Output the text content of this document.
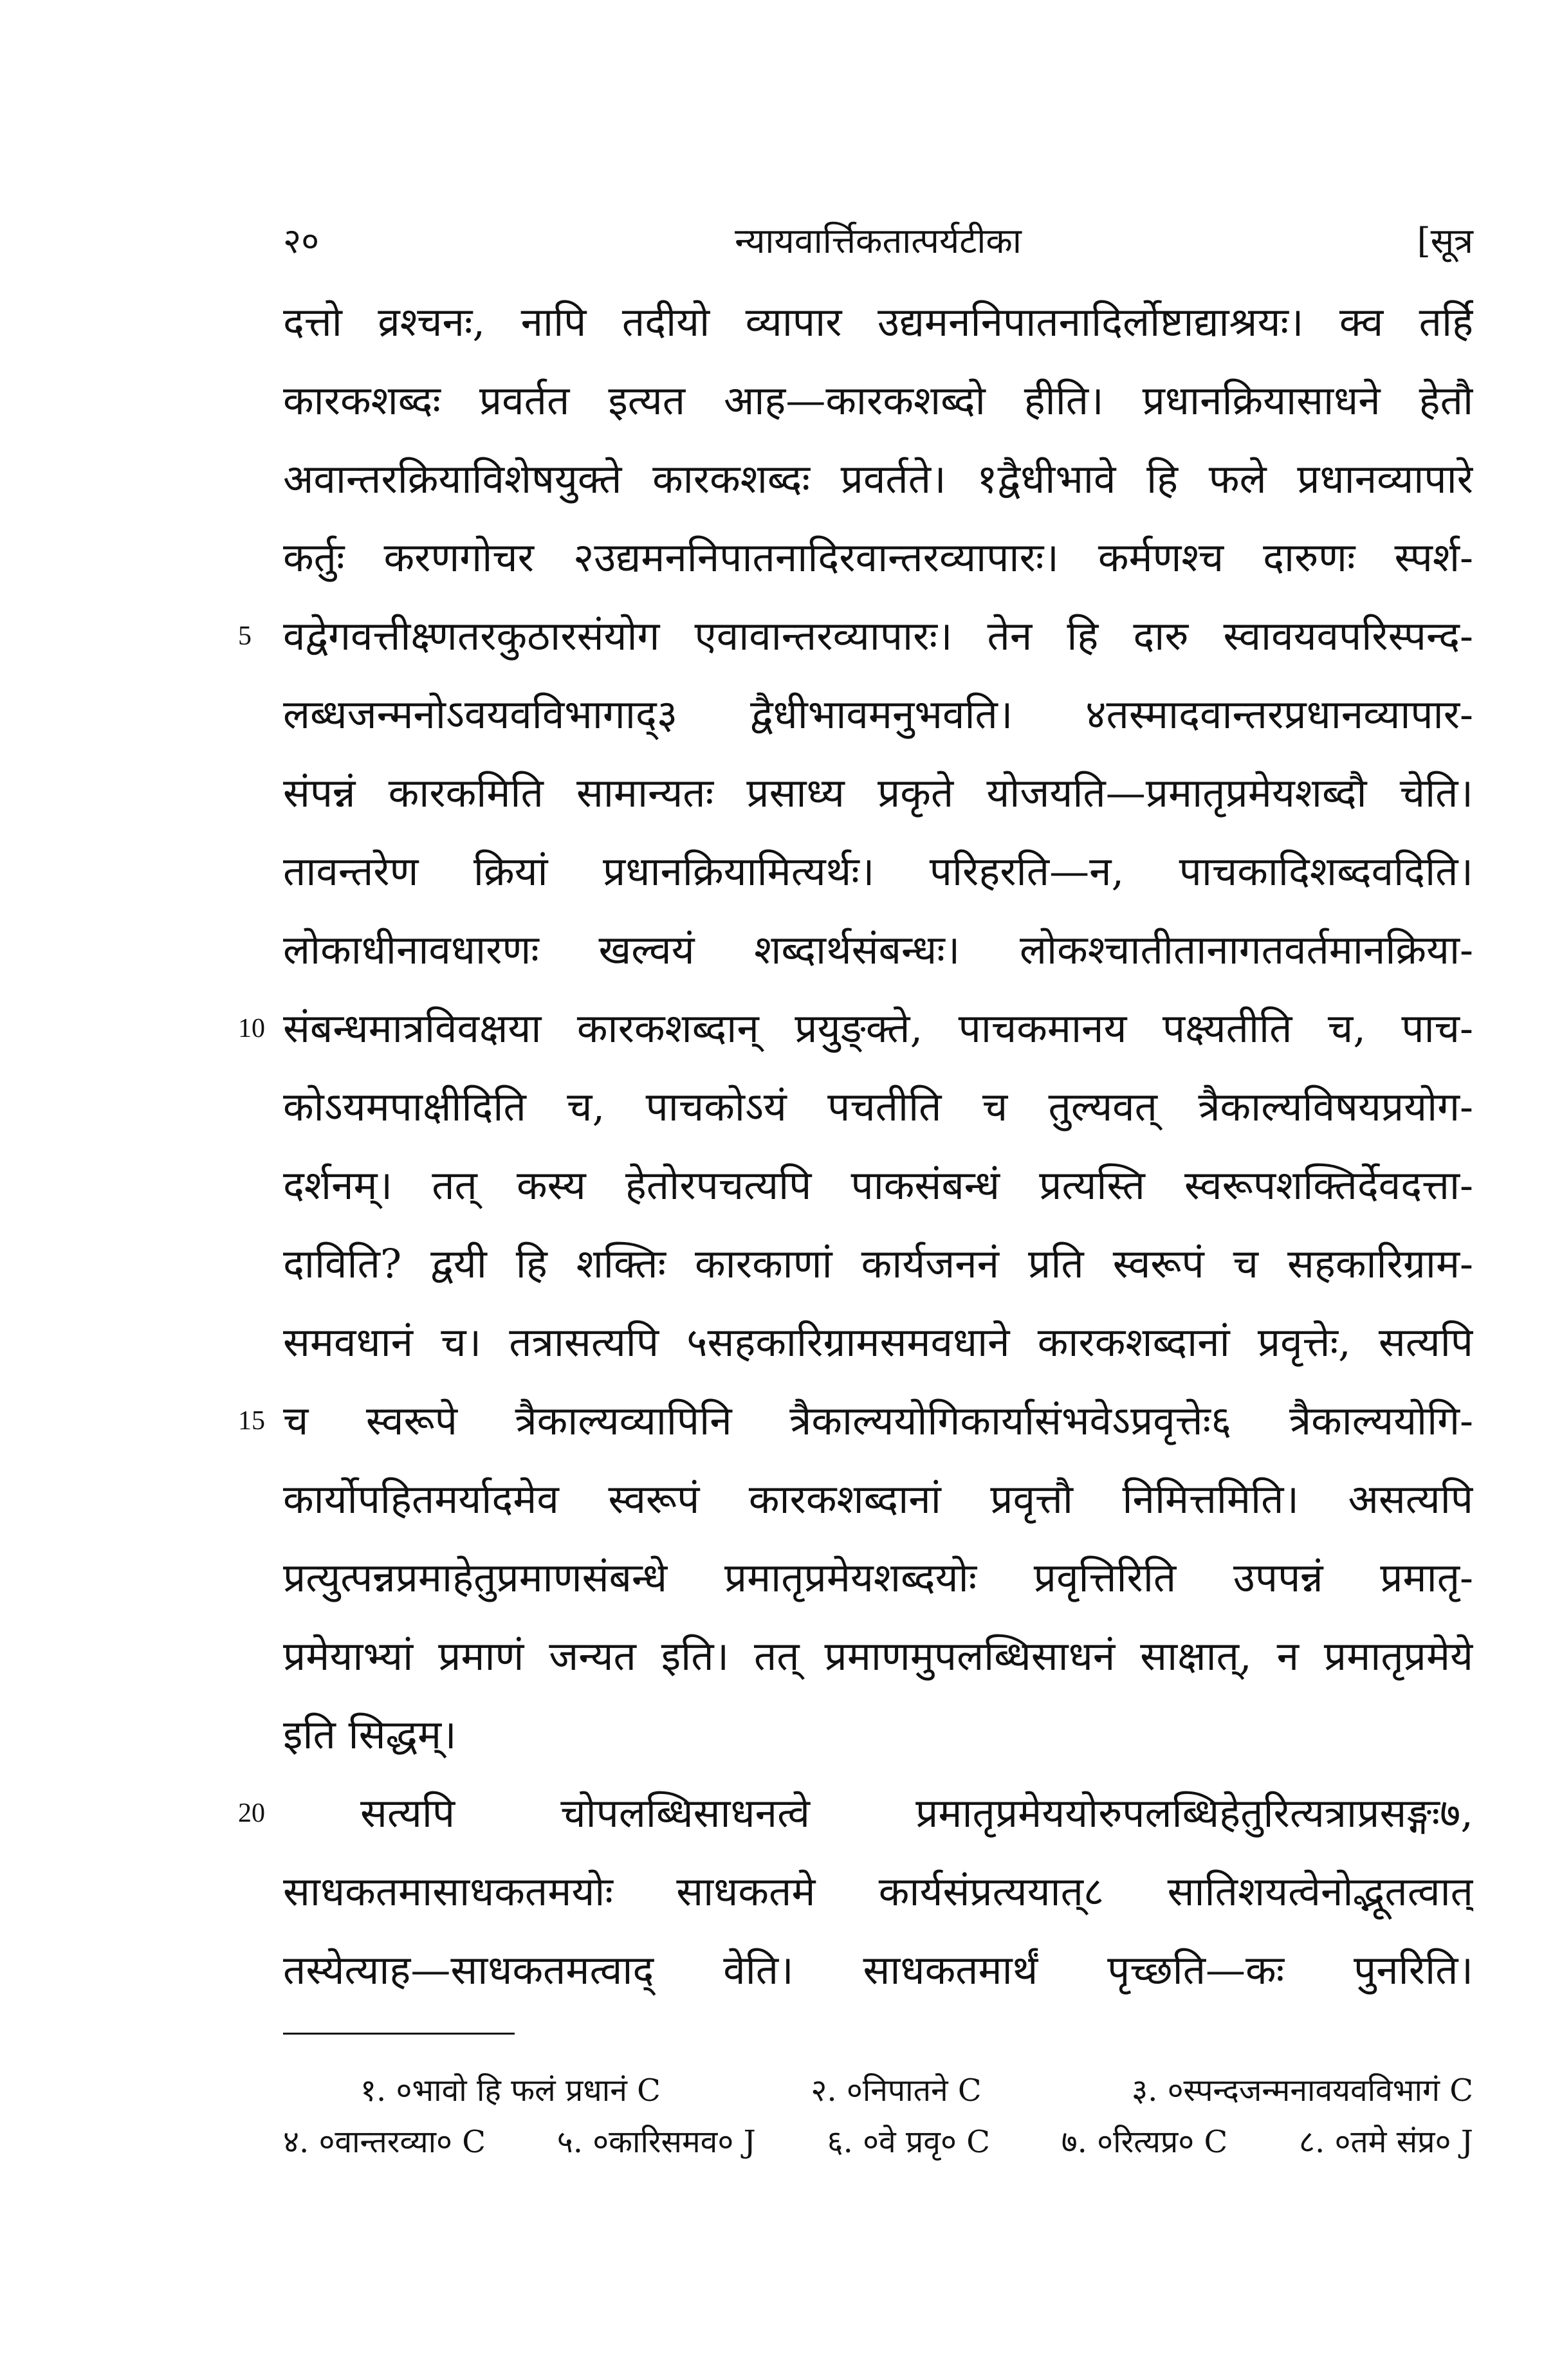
२०	न्यायवार्त्तिकतात्पर्यटीका	[सूत्र
5
10
15
20
दत्तो व्रश्चनः, नापि तदीयो व्यापार उद्यमननिपातनादिर्लोष्टाद्याश्रयः। क्व तर्हि
कारकशब्दः प्रवर्तत इत्यत आह—कारकशब्दो हीति। प्रधानक्रियासाधने हेतौ
अवान्तरक्रियाविशेषयुक्ते कारकशब्दः प्रवर्तते। १द्वैधीभावे हि फले प्रधानव्यापारे
कर्तुः करणगोचर २उद्यमननिपातनादिरवान्तरव्यापारः। कर्मणश्च दारुणः स्पर्श-
वद्वेगवत्तीक्ष्णतरकुठारसंयोग एवावान्तरव्यापारः। तेन हि दारु स्वावयवपरिस्पन्द-
लब्धजन्मनोऽवयवविभागाद्३ द्वैधीभावमनुभवति। ४तस्मादवान्तरप्रधानव्यापार-
संपन्नं कारकमिति सामान्यतः प्रसाध्य प्रकृते योजयति—प्रमातृप्रमेयशब्दौ चेति।
तावन्तरेण क्रियां प्रधानक्रियामित्यर्थः। परिहरति—न, पाचकादिशब्दवदिति।
लोकाधीनावधारणः खल्वयं शब्दार्थसंबन्धः। लोकश्चातीतानागतवर्तमानक्रिया-
संबन्धमात्रविवक्षया कारकशब्दान् प्रयुङ्क्ते, पाचकमानय पक्ष्यतीति च, पाच-
कोऽयमपाक्षीदिति च, पाचकोऽयं पचतीति च तुल्यवत् त्रैकाल्यविषयप्रयोग-
दर्शनम्। तत् कस्य हेतोरपचत्यपि पाकसंबन्धं प्रत्यस्ति स्वरूपशक्तिर्देवदत्ता-
दाविति? द्वयी हि शक्तिः कारकाणां कार्यजननं प्रति स्वरूपं च सहकारिग्राम-
समवधानं च। तत्रासत्यपि ५सहकारिग्रामसमवधाने कारकशब्दानां प्रवृत्तेः, सत्यपि
च स्वरूपे त्रैकाल्यव्यापिनि त्रैकाल्ययोगिकार्यासंभवेऽप्रवृत्तेः६ त्रैकाल्ययोगि-
कार्योपहितमर्यादमेव स्वरूपं कारकशब्दानां प्रवृत्तौ निमित्तमिति। असत्यपि
प्रत्युत्पन्नप्रमाहेतुप्रमाणसंबन्धे प्रमातृप्रमेयशब्दयोः प्रवृत्तिरिति उपपन्नं प्रमातृ-
प्रमेयाभ्यां प्रमाणं जन्यत इति। तत् प्रमाणमुपलब्धिसाधनं साक्षात्, न प्रमातृप्रमेये
इति सिद्धम्।
सत्यपि चोपलब्धिसाधनत्वे प्रमातृप्रमेययोरुपलब्धिहेतुरित्यत्राप्रसङ्गः७,
साधकतमासाधकतमयोः साधकतमे कार्यसंप्रत्ययात्८ सातिशयत्वेनोद्भूतत्वात्
तस्येत्याह—साधकतमत्वाद् वेति। साधकतमार्थं पृच्छति—कः पुनरिति।
१. ०भावो हि फलं प्रधानं C	२. ०निपातने C	३. ०स्पन्दजन्मनावयवविभागं C
४. ०वान्तरव्या० C ५. ०कारिसमव० J ६. ०वे प्रवृ० C ७. ०रित्यप्र० C ८. ०तमे संप्र० J
